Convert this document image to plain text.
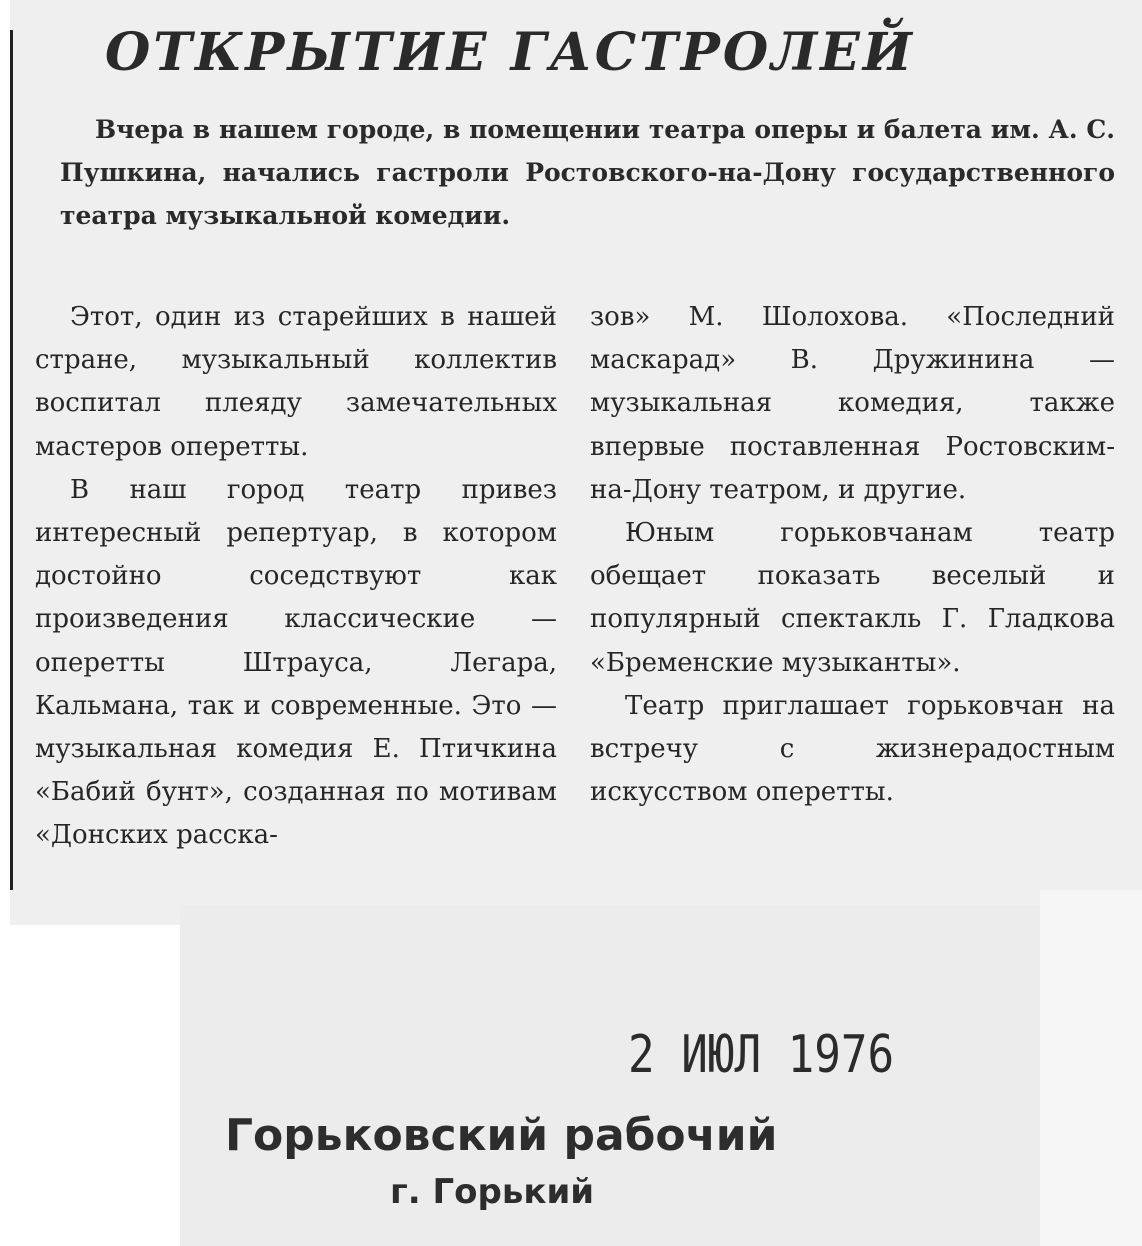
ОТКРЫТИЕ ГАСТРОЛЕЙ

Вчера в нашем городе, в помещении театра оперы и балета им. А. С. Пушкина, начались гастроли Ростовского-на-Дону государственного театра музыкальной комедии.

Этот, один из старейших в нашей стране, музыкальный коллектив воспитал плеяду замечательных мастеров оперетты.

В наш город театр привез интересный репертуар, в котором достойно соседствуют как произведения классические — оперетты Штрауса, Легара, Кальмана, так и современные. Это — музыкальная комедия Е. Птичкина «Бабий бунт», созданная по мотивам «Донских расска-

зов» М. Шолохова. «Последний маскарад» В. Дружинина — музыкальная комедия, также впервые поставленная Ростовским-на-Дону театром, и другие.

Юным горьковчанам театр обещает показать веселый и популярный спектакль Г. Гладкова «Бременские музыканты».

Театр приглашает горьковчан на встречу с жизнерадостным искусством оперетты.

2 ИЮЛ 1976
Горьковский рабочий
г. Горький
